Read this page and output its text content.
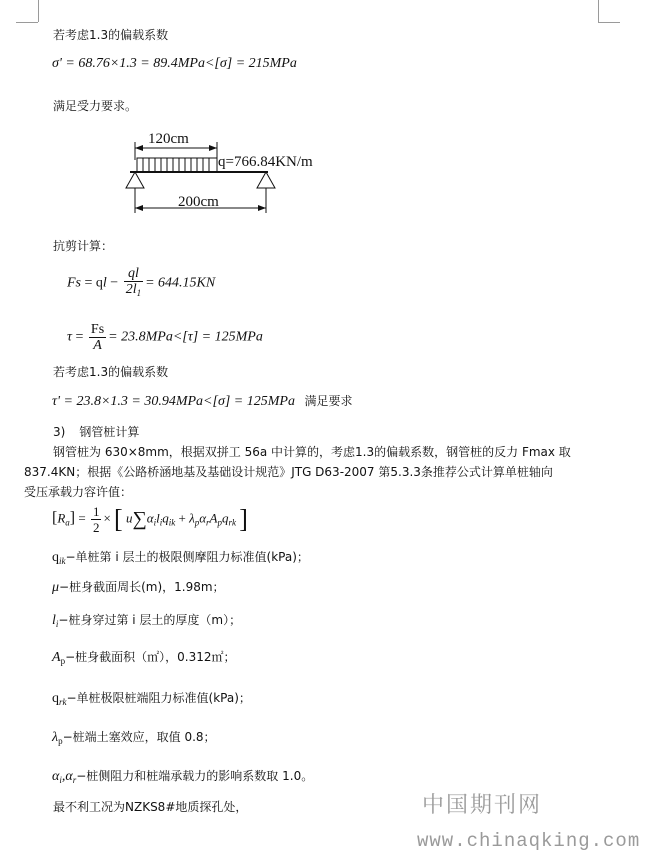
若考虑1.3的偏载系数
σ' = 68.76×1.3 = 89.4MPa<[σ] = 215MPa
满足受力要求。
120cm
q=766.84KN/m
200cm
抗剪计算：
Fs = ql − $\frac{ql}{2l_1} = 644.15KN$
$\tau = \frac{Fs}{A} = 23.8MPa<[\tau] = 125MPa$
若考虑1.3的偏载系数
τ' = 23.8×1.3 = 30.94MPa<[σ] = 125MPa 满足要求
3) 钢管桩计算
钢管桩为 630×8mm，根据双拼工 56a 中计算的，考虑1.3的偏载系数，钢管桩的反力 Fmax 取
837.4KN；根据《公路桥涵地基及基础设计规范》JTG D63-2007 第5.3.3条推荐公式计算单桩轴向
受压承载力容许值：
$[R_a] = \frac{1}{2}$ × [ $u\sum\alpha_il_iq_{ik} + \lambda_p\alpha_rA_pq_{rk}$ ]
$q_{ik}-$单桩第 i 层土的极限侧摩阻力标准值(kPa)；
μ−桩身截面周长(m)，1.98m；
$l_i-$桩身穿过第 i 层土的厚度（m）；
$A_p-$桩身截面积（㎡），0.312㎡；
$q_{rk}-$单桩极限桩端阻力标准值(kPa)；
$\lambda_p-$桩端土塞效应，取值 0.8；
$\alpha_i,\alpha_r-$桩侧阻力和桩端承载力的影响系数取 1.0。
最不利工况为NZKS8#地质探孔处，	中国期刊网
www.chinaqking.com
